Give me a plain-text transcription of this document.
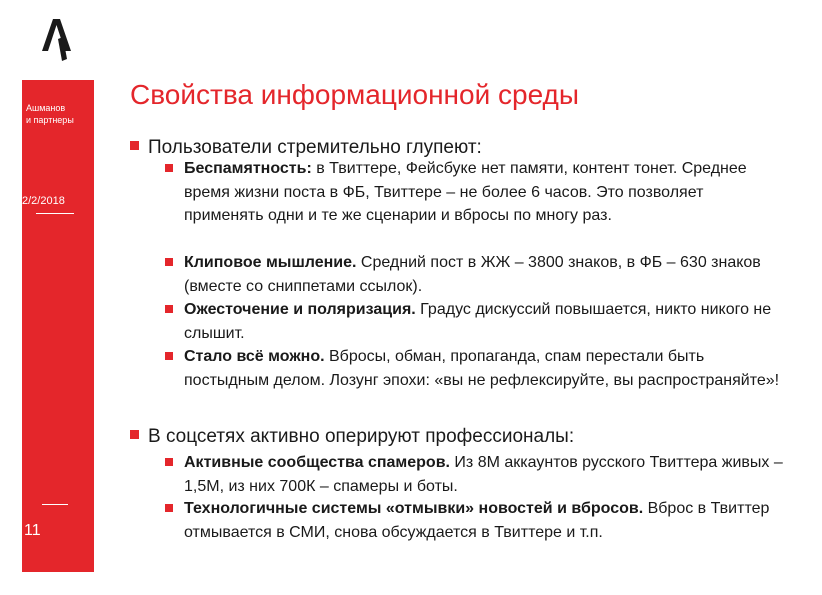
Ашманов
и партнеры
2/2/2018
11
Свойства информационной среды
Пользователи стремительно глупеют:
Беспамятность: в Твиттере, Фейсбуке нет памяти, контент тонет. Среднее время жизни поста в ФБ, Твиттере – не более 6 часов. Это позволяет применять одни и те же сценарии и вбросы по многу раз.
Клиповое мышление. Средний пост в ЖЖ – 3800 знаков, в ФБ – 630 знаков (вместе со сниппетами ссылок).
Ожесточение и поляризация. Градус дискуссий повышается, никто никого не слышит.
Стало всё можно. Вбросы, обман, пропаганда, спам перестали быть постыдным делом. Лозунг эпохи: «вы не рефлексируйте, вы распространяйте»!
В соцсетях активно оперируют профессионалы:
Активные сообщества спамеров. Из 8М аккаунтов русского Твиттера живых – 1,5М, из них 700К – спамеры и боты.
Технологичные системы «отмывки» новостей и вбросов. Вброс в Твиттер отмывается в СМИ, снова обсуждается в Твиттере и т.п.
